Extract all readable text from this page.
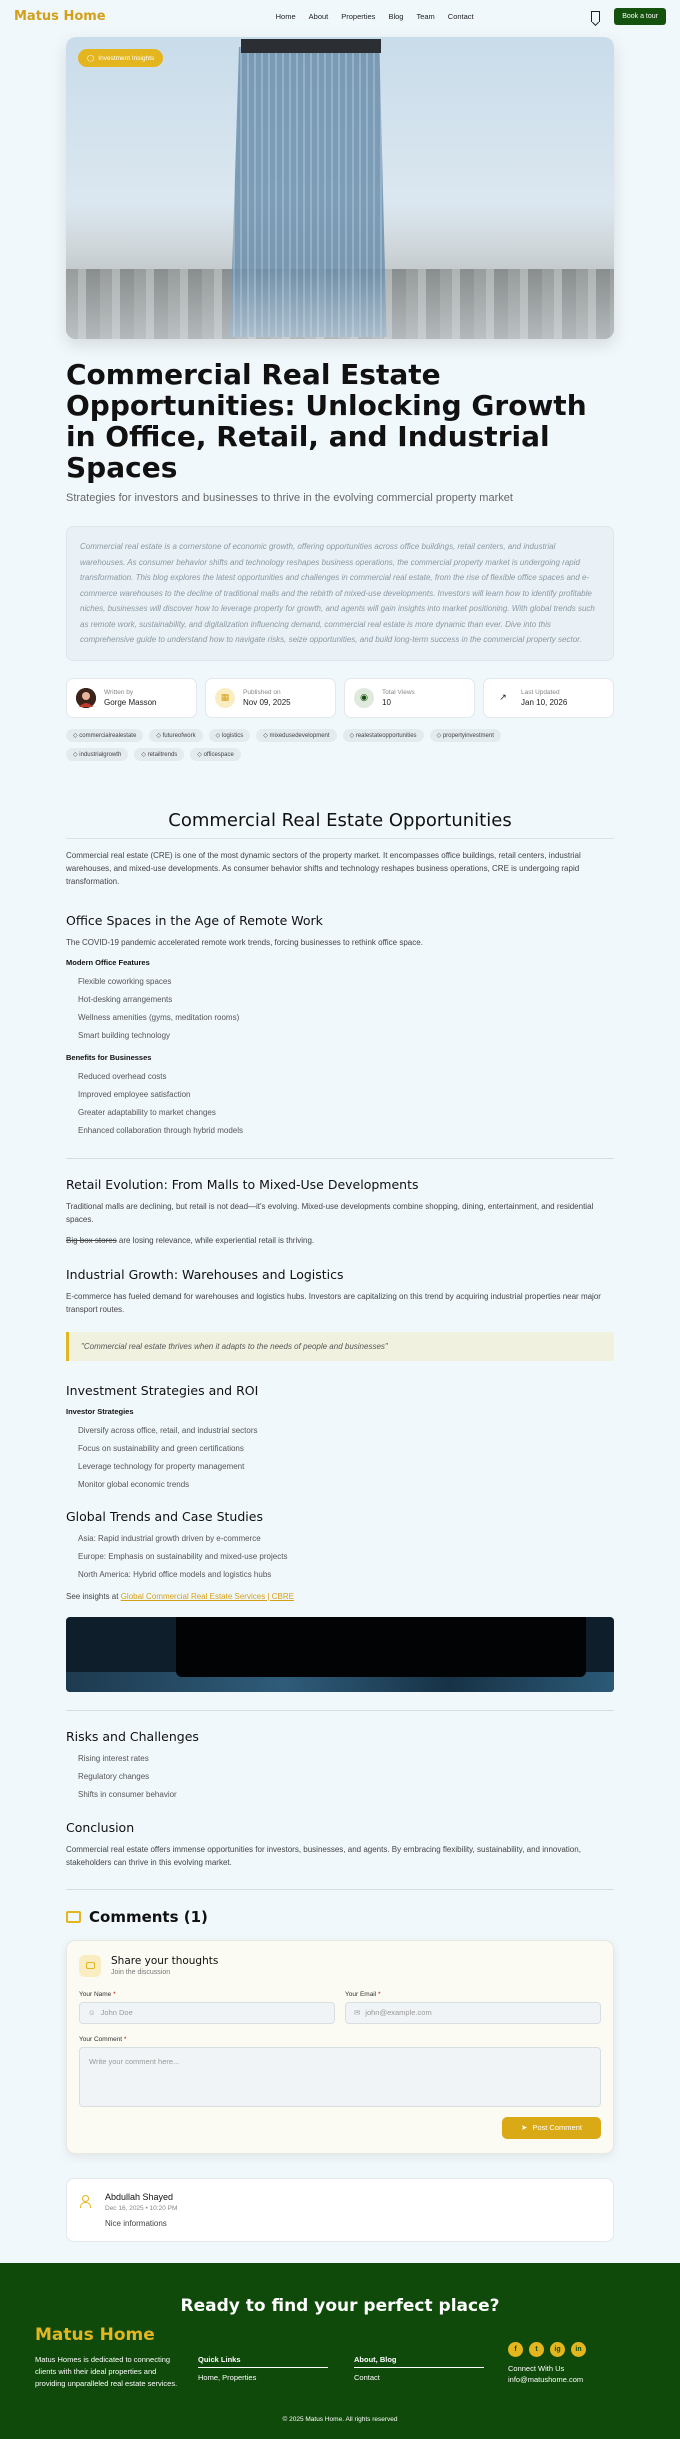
Matus Home	Home About Properties Blog Team Contact	Book a tour
◯ Investment Insights
Commercial Real Estate Opportunities: Unlocking Growth in Office, Retail, and Industrial Spaces
Strategies for investors and businesses to thrive in the evolving commercial property market
Commercial real estate is a cornerstone of economic growth, offering opportunities across office buildings, retail centers, and industrial warehouses. As consumer behavior shifts and technology reshapes business operations, the commercial property market is undergoing rapid transformation. This blog explores the latest opportunities and challenges in commercial real estate, from the rise of flexible office spaces and e-commerce warehouses to the decline of traditional malls and the rebirth of mixed-use developments. Investors will learn how to identify profitable niches, businesses will discover how to leverage property for growth, and agents will gain insights into market positioning. With global trends such as remote work, sustainability, and digitalization influencing demand, commercial real estate is more dynamic than ever. Dive into this comprehensive guide to understand how to navigate risks, seize opportunities, and build long-term success in the commercial property sector.
Written by
Gorge Masson	▦	Published on
Nov 09, 2025	◉	Total Views
10	↗	Last Updated
Jan 10, 2026
◇ commercialrealestate	◇ futureofwork	◇ logistics	◇ mixedusedevelopment	◇ realestateopportunities	◇ propertyinvestment
◇ industrialgrowth	◇ retailtrends	◇ officespace
Commercial Real Estate Opportunities

Commercial real estate (CRE) is one of the most dynamic sectors of the property market. It encompasses office buildings, retail centers, industrial warehouses, and mixed-use developments. As consumer behavior shifts and technology reshapes business operations, CRE is undergoing rapid transformation.

Office Spaces in the Age of Remote Work

The COVID-19 pandemic accelerated remote work trends, forcing businesses to rethink office space.

Modern Office Features
Flexible coworking spaces
Hot-desking arrangements
Wellness amenities (gyms, meditation rooms)
Smart building technology
Benefits for Businesses
Reduced overhead costs
Improved employee satisfaction
Greater adaptability to market changes
Enhanced collaboration through hybrid models
Retail Evolution: From Malls to Mixed-Use Developments

Traditional malls are declining, but retail is not dead—it's evolving. Mixed-use developments combine shopping, dining, entertainment, and residential spaces.

Big box stores are losing relevance, while experiential retail is thriving.

Industrial Growth: Warehouses and Logistics

E-commerce has fueled demand for warehouses and logistics hubs. Investors are capitalizing on this trend by acquiring industrial properties near major transport routes.

"Commercial real estate thrives when it adapts to the needs of people and businesses"
Investment Strategies and ROI
Investor Strategies
Diversify across office, retail, and industrial sectors
Focus on sustainability and green certifications
Leverage technology for property management
Monitor global economic trends
Global Trends and Case Studies
Asia: Rapid industrial growth driven by e-commerce
Europe: Emphasis on sustainability and mixed-use projects
North America: Hybrid office models and logistics hubs

See insights at Global Commercial Real Estate Services | CBRE

Risks and Challenges
Rising interest rates
Regulatory changes
Shifts in consumer behavior
Conclusion

Commercial real estate offers immense opportunities for investors, businesses, and agents. By embracing flexibility, sustainability, and innovation, stakeholders can thrive in this evolving market.

Comments (1)
Share your thoughts
Join the discussion
Your Name *
☺ John Doe
Your Email *
✉ john@example.com
Your Comment *
Write your comment here...
➤ Post Comment
Abdullah Shayed
Dec 16, 2025 • 10:20 PM
Nice informations
Ready to find your perfect place?
Matus Home
Matus Homes is dedicated to connecting clients with their ideal properties and providing unparalleled real estate services.
Quick Links
Home, Properties
About, Blog
Contact
f	t	ig	in
Connect With Us
info@matushome.com
© 2025 Matus Home. All rights reserved
